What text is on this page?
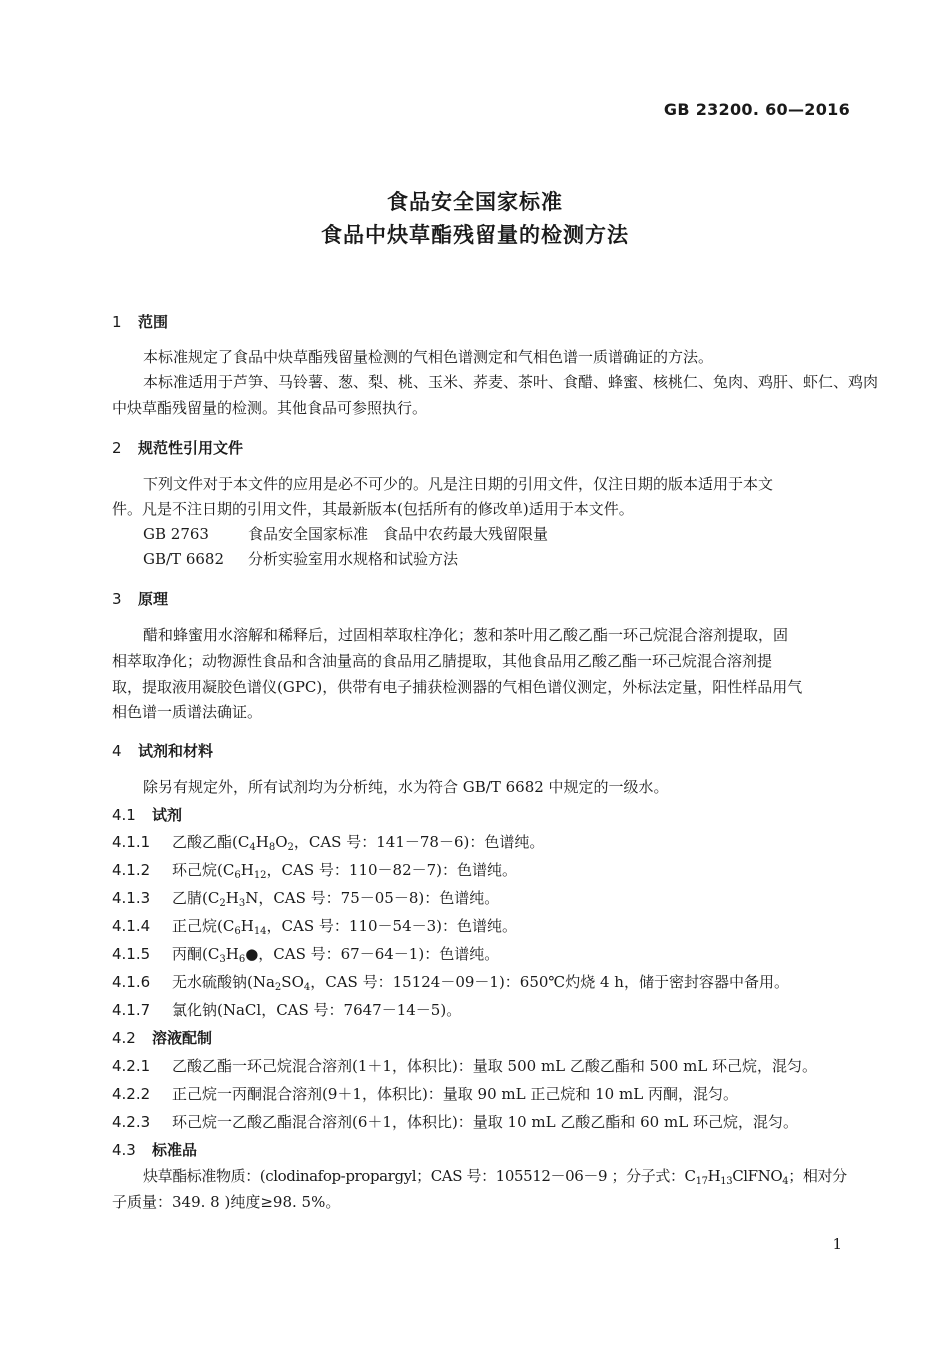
GB 23200. 60—2016
食品安全国家标准
食品中炔草酯残留量的检测方法
1 范围
本标准规定了食品中炔草酯残留量检测的气相色谱测定和气相色谱一质谱确证的方法。
本标准适用于芦笋、马铃薯、葱、梨、桃、玉米、荞麦、茶叶、食醋、蜂蜜、核桃仁、兔肉、鸡肝、虾仁、鸡肉
中炔草酯残留量的检测。其他食品可参照执行。
2 规范性引用文件
下列文件对于本文件的应用是必不可少的。凡是注日期的引用文件，仅注日期的版本适用于本文
件。凡是不注日期的引用文件，其最新版本(包括所有的修改单)适用于本文件。
GB 2763	食品安全国家标准　食品中农药最大残留限量
GB/T 6682 分析实验室用水规格和试验方法
3 原理
醋和蜂蜜用水溶解和稀释后，过固相萃取柱净化；葱和茶叶用乙酸乙酯一环己烷混合溶剂提取，固
相萃取净化；动物源性食品和含油量高的食品用乙腈提取，其他食品用乙酸乙酯一环己烷混合溶剂提
取，提取液用凝胶色谱仪(GPC)，供带有电子捕获检测器的气相色谱仪测定，外标法定量，阳性样品用气
相色谱一质谱法确证。
4 试剂和材料
除另有规定外，所有试剂均为分析纯，水为符合 GB/T 6682 中规定的一级水。
4.1 试剂
4.1.1 乙酸乙酯($C_4H_8O_2$，CAS 号：141－78－6)：色谱纯。
4.1.2 环己烷($C_6H_{12}$，CAS 号：110－82－7)：色谱纯。
4.1.3 乙腈($C_2H_3N$，CAS 号：75－05－8)：色谱纯。
4.1.4 正己烷($C_6H_{14}$，CAS 号：110－54－3)：色谱纯。
4.1.5 丙酮($C_3H_6●$，CAS 号：67－64－1)：色谱纯。
4.1.6 无水硫酸钠($Na_2SO_4$，CAS 号：15124－09－1)：650℃灼烧 4 h，储于密封容器中备用。
4.1.7 氯化钠(NaCl，CAS 号：7647－14－5)。
4.2 溶液配制
4.2.1 乙酸乙酯一环己烷混合溶剂(1＋1，体积比)：量取 500 mL 乙酸乙酯和 500 mL 环己烷，混匀。
4.2.2 正己烷一丙酮混合溶剂(9＋1，体积比)：量取 90 mL 正己烷和 10 mL 丙酮，混匀。
4.2.3 环己烷一乙酸乙酯混合溶剂(6＋1，体积比)：量取 10 mL 乙酸乙酯和 60 mL 环己烷，混匀。
4.3 标准品
炔草酯标准物质：(clodinafop-propargyl；CAS 号：105512－06－9 ；分子式：$C_{17}H_{13}ClFNO_4$；相对分
子质量：349. 8 )纯度≥98. 5%。
1
